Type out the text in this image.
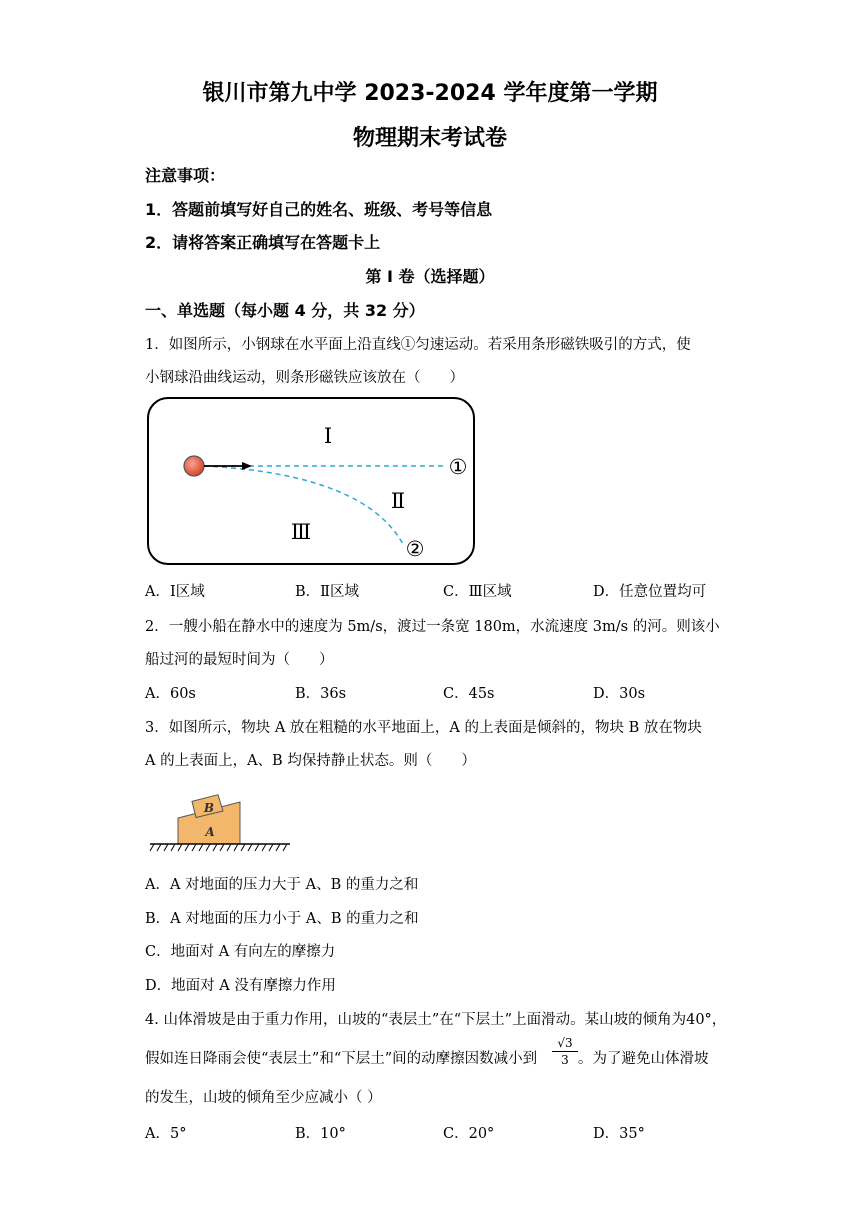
银川市第九中学 2023-2024 学年度第一学期
物理期末考试卷
注意事项：
1．答题前填写好自己的姓名、班级、考号等信息
2．请将答案正确填写在答题卡上
第 I 卷（选择题）
一、单选题（每小题 4 分，共 32 分）
1．如图所示，小钢球在水平面上沿直线①匀速运动。若采用条形磁铁吸引的方式，使
小钢球沿曲线运动，则条形磁铁应该放在（　　）
Ⅰ
Ⅱ
Ⅲ
①
②
A．Ⅰ区域	B．Ⅱ区域	C．Ⅲ区域	D．任意位置均可
2．一艘小船在静水中的速度为 5m/s，渡过一条宽 180m，水流速度 3m/s 的河。则该小
船过河的最短时间为（　　）
A．60s	B．36s	C．45s	D．30s
3．如图所示，物块 A 放在粗糙的水平地面上，A 的上表面是倾斜的，物块 B 放在物块
A 的上表面上，A、B 均保持静止状态。则（　　）
A
B
A．A 对地面的压力大于 A、B 的重力之和
B．A 对地面的压力小于 A、B 的重力之和
C．地面对 A 有向左的摩擦力
D．地面对 A 没有摩擦力作用
4. 山体滑坡是由于重力作用，山坡的“表层土”在“下层土”上面滑动。某山坡的倾角为40°，
假如连日降雨会使“表层土”和“下层土”间的动摩擦因数减小到 $\frac{√3}{3}$ 。为了避免山体滑坡
的发生，山坡的倾角至少应减小（ ）
A．5°	B．10°	C．20°	D．35°
